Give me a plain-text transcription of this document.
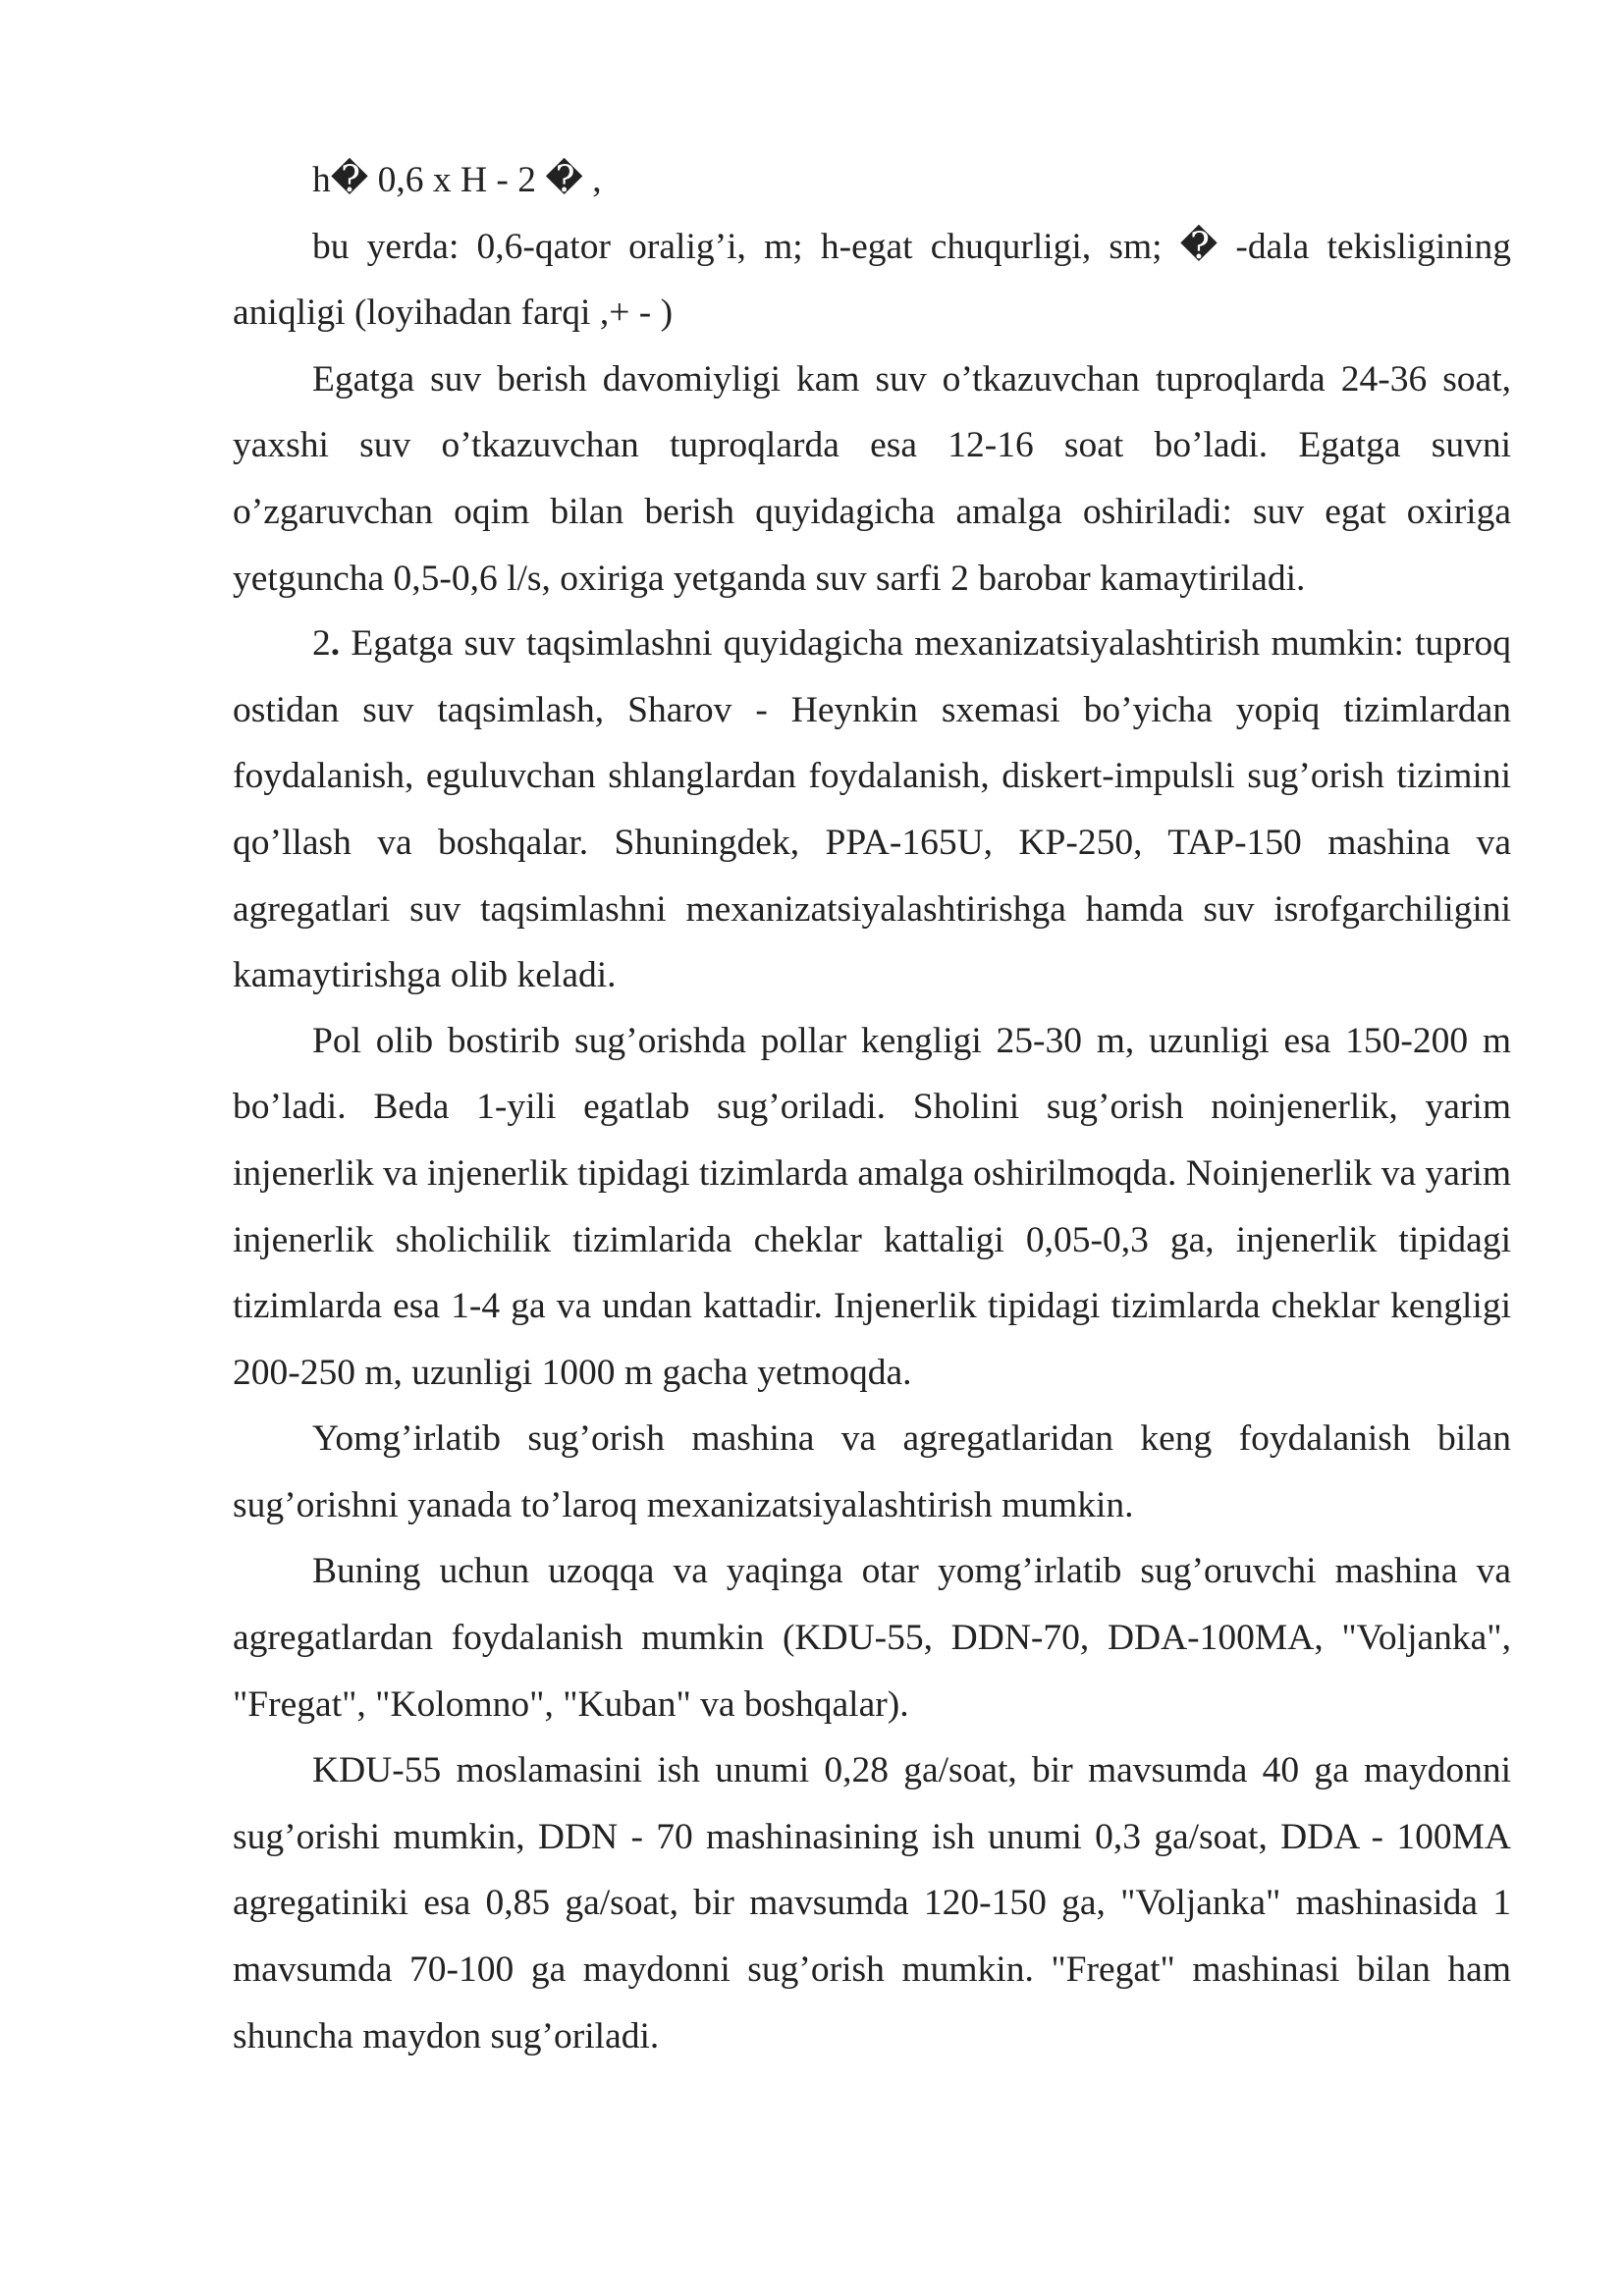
h� 0,6 x H - 2 � ,

bu yerda: 0,6-qator oralig’i, m; h-egat chuqurligi, sm; � -dala tekisligining aniqligi (loyihadan farqi ,+ - )

Egatga suv berish davomiyligi kam suv o’tkazuvchan tuproqlarda 24-36 soat, yaxshi suv o’tkazuvchan tuproqlarda esa 12-16 soat bo’ladi. Egatga suvni o’zgaruvchan oqim bilan berish quyidagicha amalga oshiriladi: suv egat oxiriga yetguncha 0,5-0,6 l/s, oxiriga yetganda suv sarfi 2 barobar kamaytiriladi.

2. Egatga suv taqsimlashni quyidagicha mexanizatsiyalashtirish mumkin: tuproq ostidan suv taqsimlash, Sharov - Heynkin sxemasi bo’yicha yopiq tizimlardan foydalanish, eguluvchan shlanglardan foydalanish, diskert-impulsli sug’orish tizimini qo’llash va boshqalar. Shuningdek, PPA-165U, KP-250, TAP-150 mashina va agregatlari suv taqsimlashni mexanizatsiyalashtirishga hamda suv isrofgarchiligini kamaytirishga olib keladi.

Pol olib bostirib sug’orishda pollar kengligi 25-30 m, uzunligi esa 150-200 m bo’ladi. Beda 1-yili egatlab sug’oriladi. Sholini sug’orish noinjenerlik, yarim injenerlik va injenerlik tipidagi tizimlarda amalga oshirilmoqda. Noinjenerlik va yarim injenerlik sholichilik tizimlarida cheklar kattaligi 0,05-0,3 ga, injenerlik tipidagi tizimlarda esa 1-4 ga va undan kattadir. Injenerlik tipidagi tizimlarda cheklar kengligi 200-250 m, uzunligi 1000 m gacha yetmoqda.

Yomg’irlatib sug’orish mashina va agregatlaridan keng foydalanish bilan sug’orishni yanada to’laroq mexanizatsiyalashtirish mumkin.

Buning uchun uzoqqa va yaqinga otar yomg’irlatib sug’oruvchi mashina va agregatlardan foydalanish mumkin (KDU-55, DDN-70, DDA-100MA, "Voljanka", "Fregat", "Kolomno", "Kuban" va boshqalar).

KDU-55 moslamasini ish unumi 0,28 ga/soat, bir mavsumda 40 ga maydonni sug’orishi mumkin, DDN - 70 mashinasining ish unumi 0,3 ga/soat, DDA - 100MA agregatiniki esa 0,85 ga/soat, bir mavsumda 120-150 ga, "Voljanka" mashinasida 1 mavsumda 70-100 ga maydonni sug’orish mumkin. "Fregat" mashinasi bilan ham shuncha maydon sug’oriladi.
